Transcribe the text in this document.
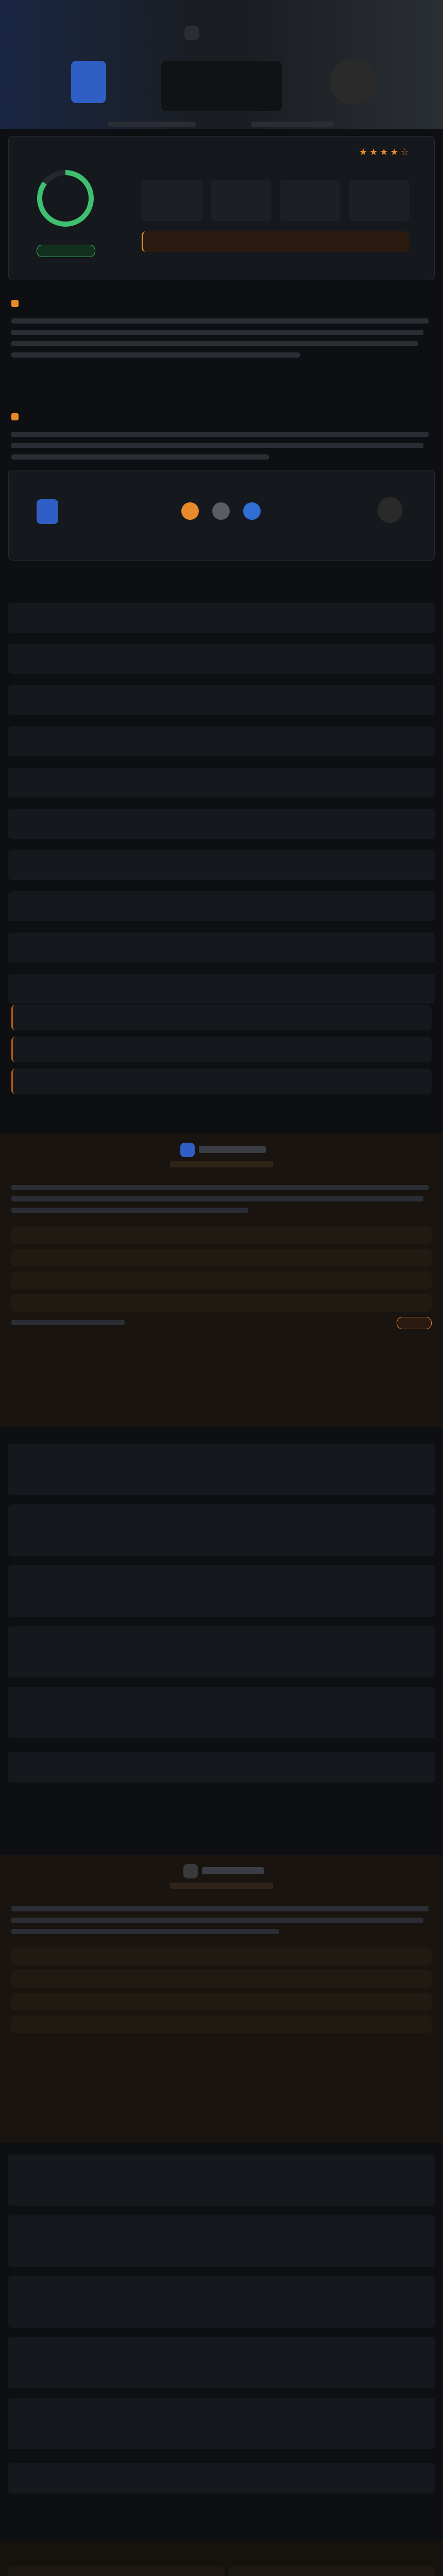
★★★★☆
